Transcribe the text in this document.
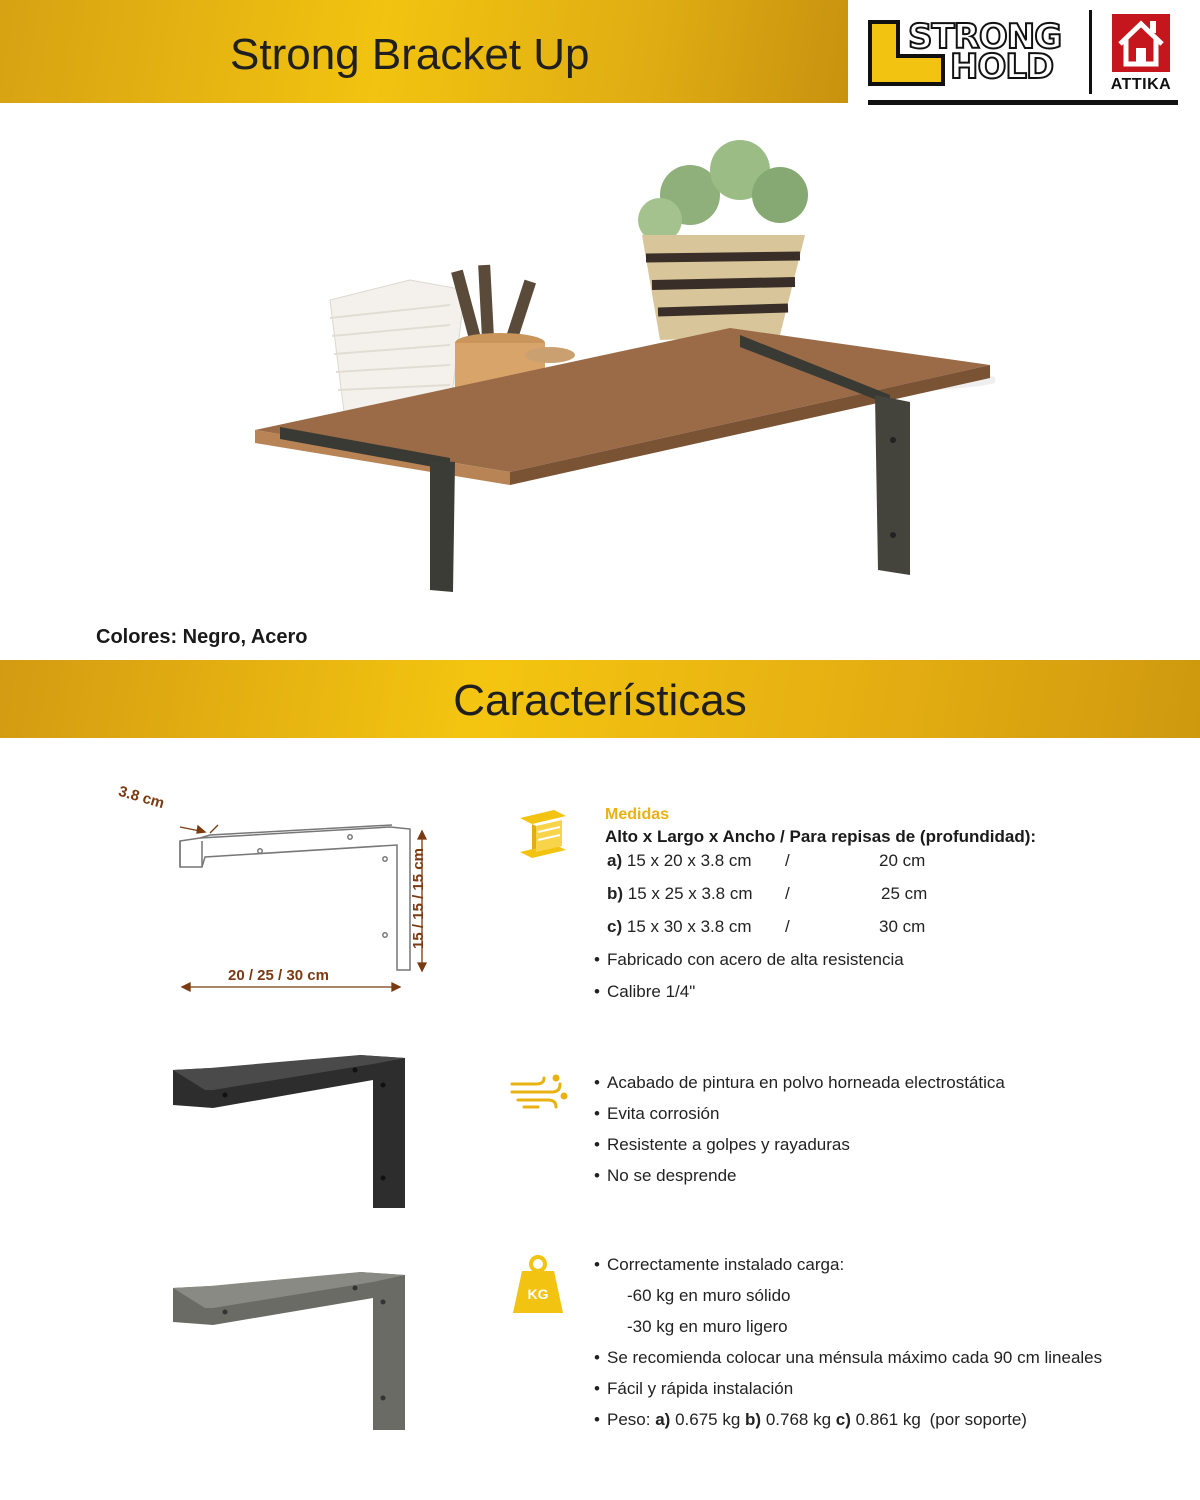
Strong Bracket Up	STRONG
HOLD	ATTIKA
Colores: Negro, Acero
Características
3.8 cm
20 / 25 / 30 cm
15 / 15 / 15 cm
KG
Medidas
Alto x Largo x Ancho / Para repisas de (profundidad):
a) 15 x 20 x 3.8 cm /	20 cm
b) 15 x 25 x 3.8 cm /	25 cm
c) 15 x 30 x 3.8 cm /	30 cm
• Fabricado con acero de alta resistencia
• Calibre 1/4"
• Acabado de pintura en polvo horneada electrostática
• Evita corrosión
• Resistente a golpes y rayaduras
• No se desprende
• Correctamente instalado carga:
-60 kg en muro sólido
-30 kg en muro ligero
• Se recomienda colocar una ménsula máximo cada 90 cm lineales
• Fácil y rápida instalación
• Peso: a) 0.675 kg b) 0.768 kg c) 0.861 kg (por soporte)
